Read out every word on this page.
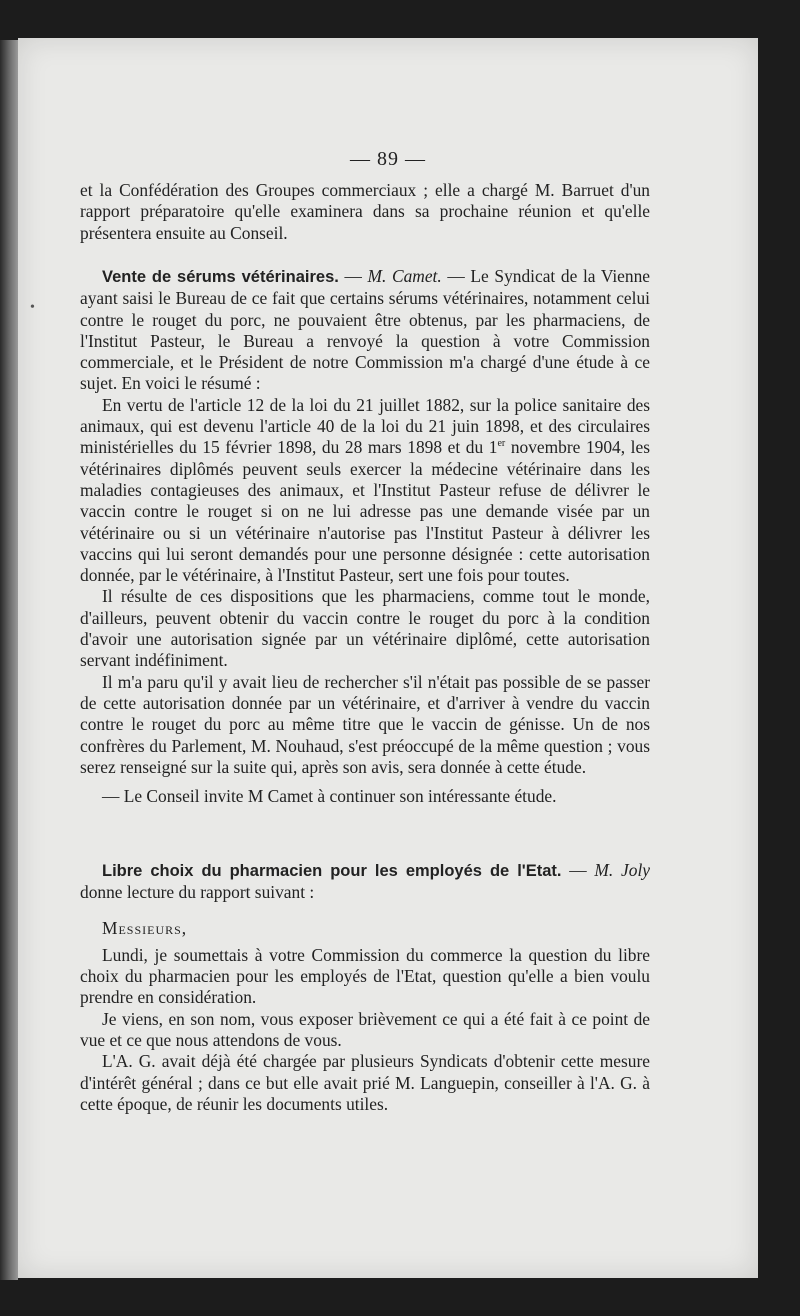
•
— 89 —

et la Confédération des Groupes commerciaux ; elle a chargé M. Barruet d'un rapport préparatoire qu'elle examinera dans sa prochaine réunion et qu'elle présentera ensuite au Conseil.

Vente de sérums vétérinaires. — M. Camet. — Le Syndicat de la Vienne ayant saisi le Bureau de ce fait que certains sérums vétérinaires, notamment celui contre le rouget du porc, ne pouvaient être obtenus, par les pharmaciens, de l'Institut Pasteur, le Bureau a renvoyé la question à votre Commission commerciale, et le Président de notre Commission m'a chargé d'une étude à ce sujet. En voici le résumé :

En vertu de l'article 12 de la loi du 21 juillet 1882, sur la police sanitaire des animaux, qui est devenu l'article 40 de la loi du 21 juin 1898, et des circulaires ministérielles du 15 février 1898, du 28 mars 1898 et du 1er novembre 1904, les vétérinaires diplômés peuvent seuls exercer la médecine vétérinaire dans les maladies contagieuses des animaux, et l'Institut Pasteur refuse de délivrer le vaccin contre le rouget si on ne lui adresse pas une demande visée par un vétérinaire ou si un vétérinaire n'autorise pas l'Institut Pasteur à délivrer les vaccins qui lui seront demandés pour une personne désignée : cette autorisation donnée, par le vétérinaire, à l'Institut Pasteur, sert une fois pour toutes.

Il résulte de ces dispositions que les pharmaciens, comme tout le monde, d'ailleurs, peuvent obtenir du vaccin contre le rouget du porc à la condition d'avoir une autorisation signée par un vétérinaire diplômé, cette autorisation servant indéfiniment.

Il m'a paru qu'il y avait lieu de rechercher s'il n'était pas possible de se passer de cette autorisation donnée par un vétérinaire, et d'arriver à vendre du vaccin contre le rouget du porc au même titre que le vaccin de génisse. Un de nos confrères du Parlement, M. Nouhaud, s'est préoccupé de la même question ; vous serez renseigné sur la suite qui, après son avis, sera donnée à cette étude.

— Le Conseil invite M Camet à continuer son intéressante étude.

Libre choix du pharmacien pour les employés de l'Etat. — M. Joly donne lecture du rapport suivant :

Messieurs,

Lundi, je soumettais à votre Commission du commerce la question du libre choix du pharmacien pour les employés de l'Etat, question qu'elle a bien voulu prendre en considération.

Je viens, en son nom, vous exposer brièvement ce qui a été fait à ce point de vue et ce que nous attendons de vous.

L'A. G. avait déjà été chargée par plusieurs Syndicats d'obtenir cette mesure d'intérêt général ; dans ce but elle avait prié M. Languepin, conseiller à l'A. G. à cette époque, de réunir les documents utiles.
